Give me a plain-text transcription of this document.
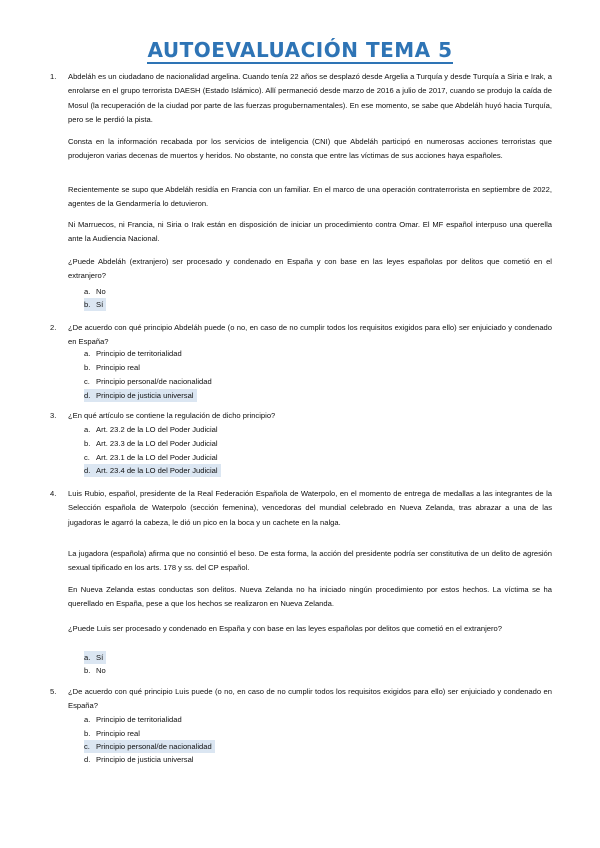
AUTOEVALUACIÓN TEMA 5
1. Abdeláh es un ciudadano de nacionalidad argelina. Cuando tenía 22 años se desplazó desde Argelia a Turquía y desde Turquía a Siria e Irak, a enrolarse en el grupo terrorista DAESH (Estado Islámico). Allí permaneció desde marzo de 2016 a julio de 2017, cuando se produjo la caída de Mosul (la recuperación de la ciudad por parte de las fuerzas progubernamentales). En ese momento, se sabe que Abdeláh huyó hacia Turquía, pero se le perdió la pista.
Consta en la información recabada por los servicios de inteligencia (CNI) que Abdeláh participó en numerosas acciones terroristas que produjeron varias decenas de muertos y heridos. No obstante, no consta que entre las víctimas de sus acciones haya españoles.
Recientemente se supo que Abdeláh residía en Francia con un familiar. En el marco de una operación contraterrorista en septiembre de 2022, agentes de la Gendarmería lo detuvieron.
Ni Marruecos, ni Francia, ni Siria o Irak están en disposición de iniciar un procedimiento contra Omar. El MF español interpuso una querella ante la Audiencia Nacional.
¿Puede Abdeláh (extranjero) ser procesado y condenado en España y con base en las leyes españolas por delitos que cometió en el extranjero?
a. No
b. Sí
2. ¿De acuerdo con qué principio Abdeláh puede (o no, en caso de no cumplir todos los requisitos exigidos para ello) ser enjuiciado y condenado en España?
a. Principio de territorialidad
b. Principio real
c. Principio personal/de nacionalidad
d. Principio de justicia universal
3. ¿En qué artículo se contiene la regulación de dicho principio?
a. Art. 23.2 de la LO del Poder Judicial
b. Art. 23.3 de la LO del Poder Judicial
c. Art. 23.1 de la LO del Poder Judicial
d. Art. 23.4 de la LO del Poder Judicial
4. Luis Rubio, español, presidente de la Real Federación Española de Waterpolo, en el momento de entrega de medallas a las integrantes de la Selección española de Waterpolo (sección femenina), vencedoras del mundial celebrado en Nueva Zelanda, tras abrazar a una de las jugadoras le agarró la cabeza, le dió un pico en la boca y un cachete en la nalga.
La jugadora (española) afirma que no consintió el beso. De esta forma, la acción del presidente podría ser constitutiva de un delito de agresión sexual tipificado en los arts. 178 y ss. del CP español.
En Nueva Zelanda estas conductas son delitos. Nueva Zelanda no ha iniciado ningún procedimiento por estos hechos. La víctima se ha querellado en España, pese a que los hechos se realizaron en Nueva Zelanda.
¿Puede Luis ser procesado y condenado en España y con base en las leyes españolas por delitos que cometió en el extranjero?
a. Sí
b. No
5. ¿De acuerdo con qué principio Luis puede (o no, en caso de no cumplir todos los requisitos exigidos para ello) ser enjuiciado y condenado en España?
a. Principio de territorialidad
b. Principio real
c. Principio personal/de nacionalidad
d. Principio de justicia universal
